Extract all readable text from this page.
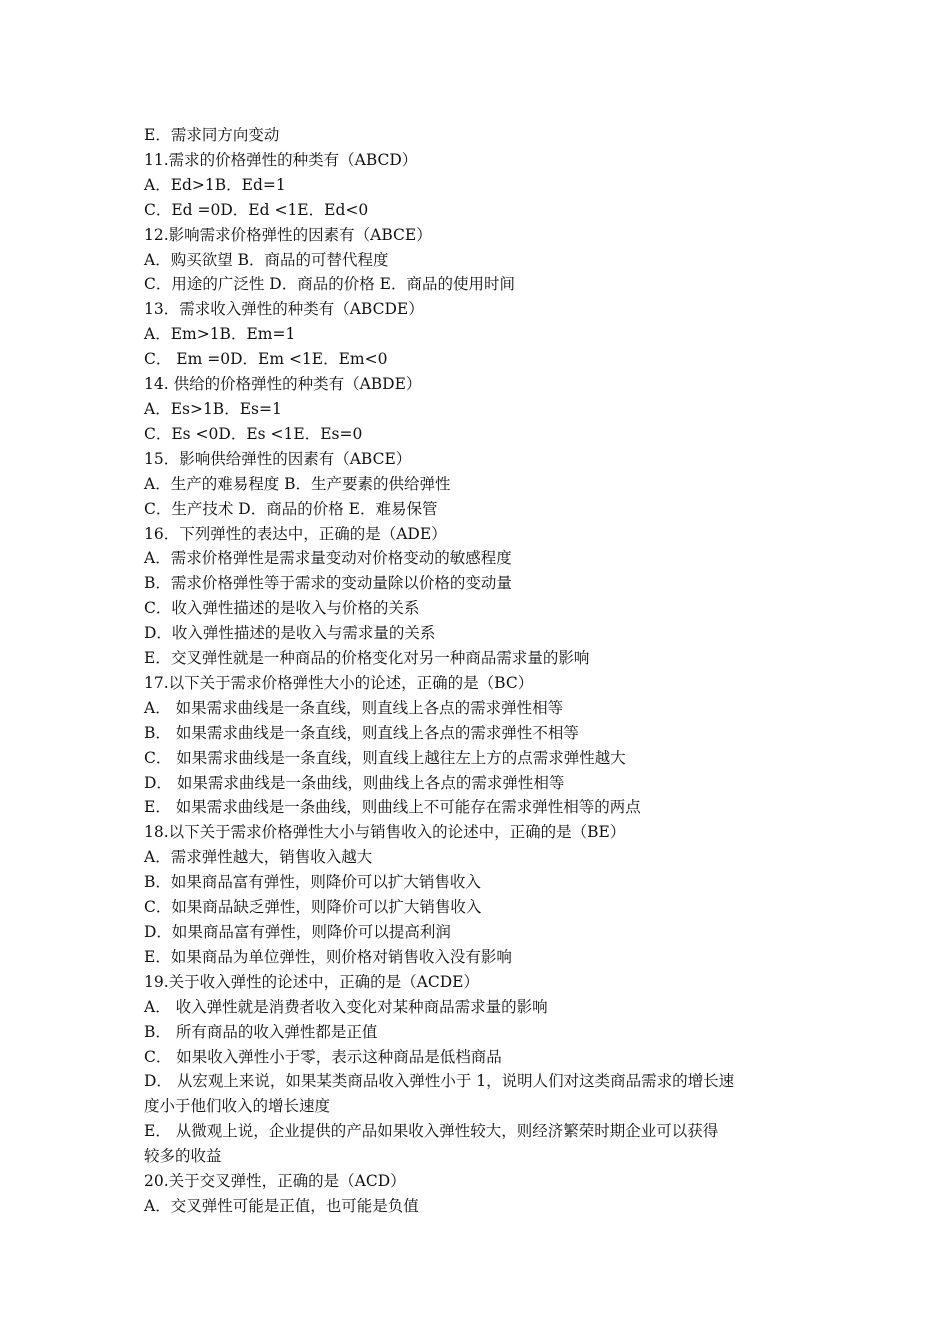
E．需求同方向变动
11.需求的价格弹性的种类有（ABCD）
A．Ed>1B．Ed=1
C．Ed =0D．Ed <1E．Ed<0
12.影响需求价格弹性的因素有（ABCE）
A．购买欲望 B．商品的可替代程度
C．用途的广泛性 D．商品的价格 E．商品的使用时间
13．需求收入弹性的种类有（ABCDE）
A．Em>1B．Em=1
C． Em =0D．Em <1E．Em<0
14. 供给的价格弹性的种类有（ABDE）
A．Es>1B．Es=1
C．Es <0D．Es <1E．Es=0
15．影响供给弹性的因素有（ABCE）
A．生产的难易程度 B．生产要素的供给弹性
C．生产技术 D．商品的价格 E．难易保管
16．下列弹性的表达中，正确的是（ADE）
A．需求价格弹性是需求量变动对价格变动的敏感程度
B．需求价格弹性等于需求的变动量除以价格的变动量
C．收入弹性描述的是收入与价格的关系
D．收入弹性描述的是收入与需求量的关系
E．交叉弹性就是一种商品的价格变化对另一种商品需求量的影响
17.以下关于需求价格弹性大小的论述，正确的是（BC）
A． 如果需求曲线是一条直线，则直线上各点的需求弹性相等
B． 如果需求曲线是一条直线，则直线上各点的需求弹性不相等
C． 如果需求曲线是一条直线，则直线上越往左上方的点需求弹性越大
D． 如果需求曲线是一条曲线，则曲线上各点的需求弹性相等
E． 如果需求曲线是一条曲线，则曲线上不可能存在需求弹性相等的两点
18.以下关于需求价格弹性大小与销售收入的论述中，正确的是（BE）
A．需求弹性越大，销售收入越大
B．如果商品富有弹性，则降价可以扩大销售收入
C．如果商品缺乏弹性，则降价可以扩大销售收入
D．如果商品富有弹性，则降价可以提高利润
E．如果商品为单位弹性，则价格对销售收入没有影响
19.关于收入弹性的论述中，正确的是（ACDE）
A． 收入弹性就是消费者收入变化对某种商品需求量的影响
B． 所有商品的收入弹性都是正值
C． 如果收入弹性小于零，表示这种商品是低档商品
D． 从宏观上来说，如果某类商品收入弹性小于 1，说明人们对这类商品需求的增长速
度小于他们收入的增长速度
E． 从微观上说，企业提供的产品如果收入弹性较大，则经济繁荣时期企业可以获得
较多的收益
20.关于交叉弹性，正确的是（ACD）
A．交叉弹性可能是正值，也可能是负值
